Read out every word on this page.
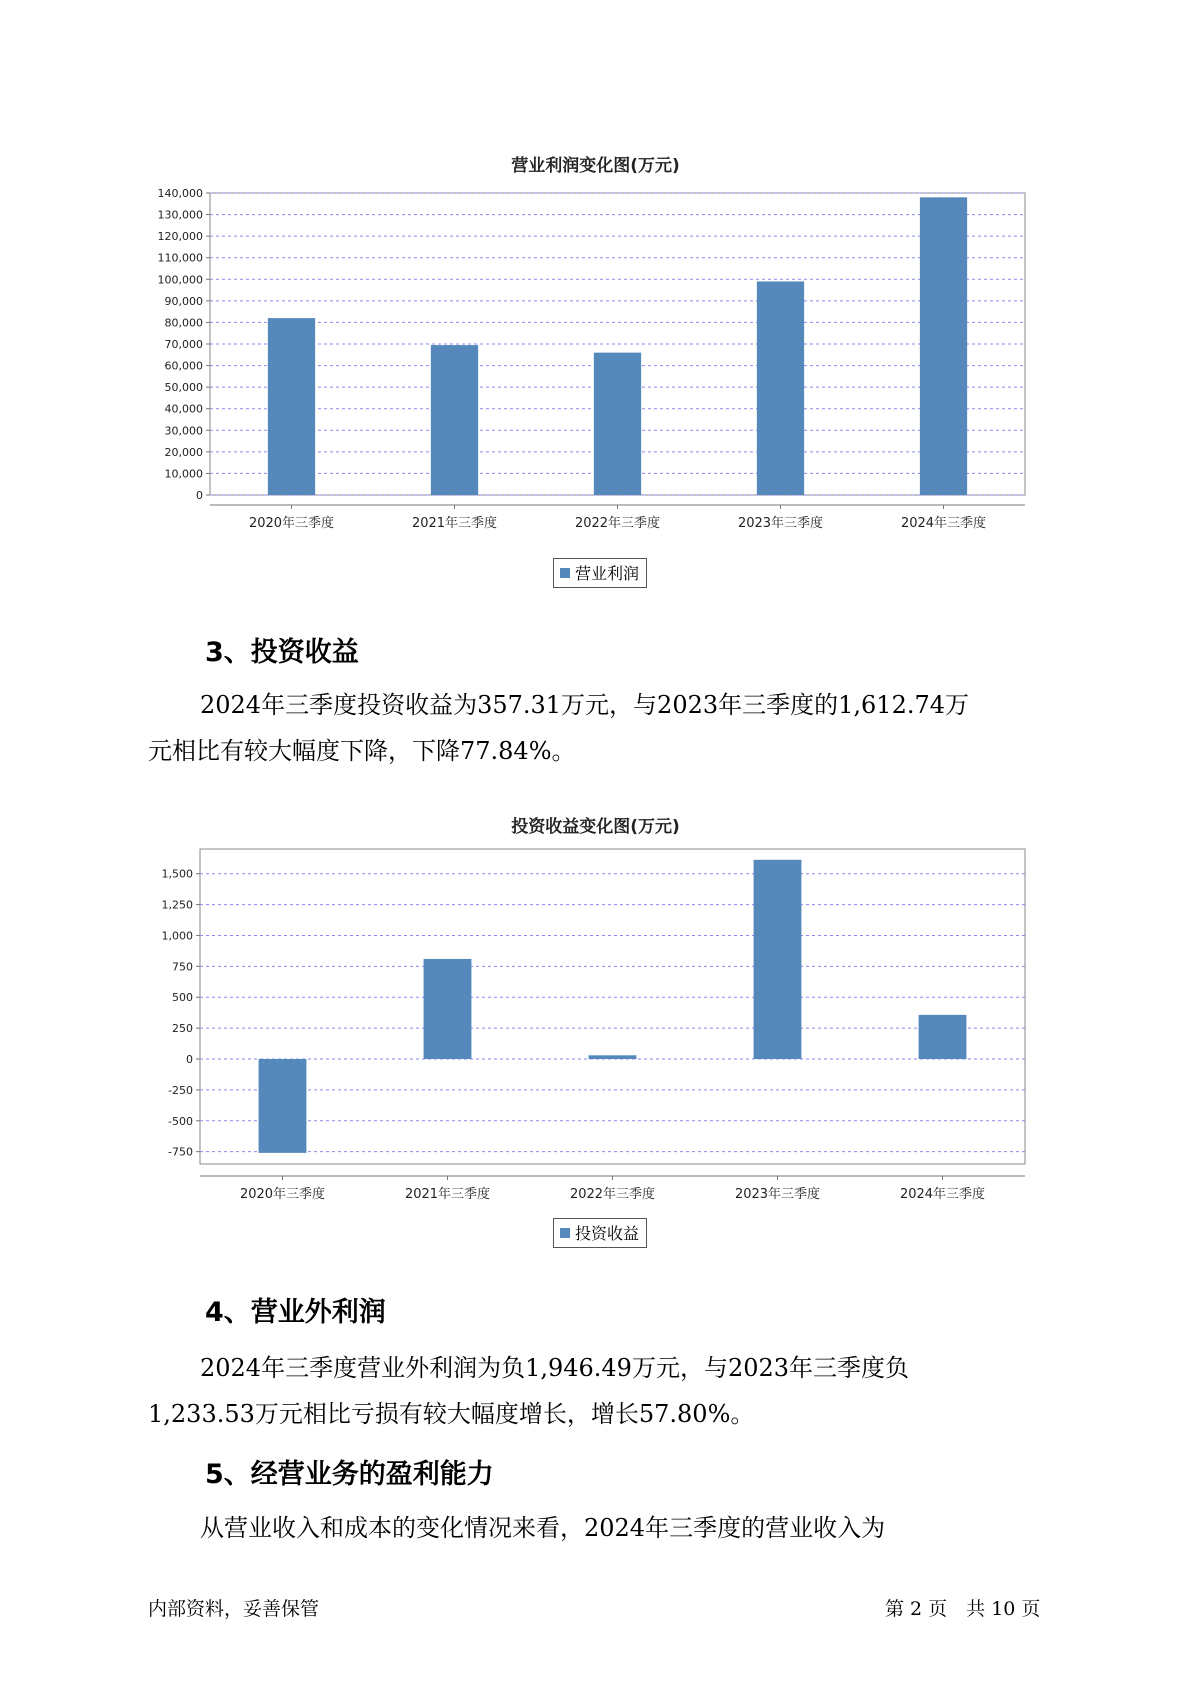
营业利润变化图(万元)
0
10,000
20,000
30,000
40,000
50,000
60,000
70,000
80,000
90,000
100,000
110,000
120,000
130,000
140,000
2020年三季度	2021年三季度	2022年三季度	2023年三季度	2024年三季度
营业利润
3、投资收益

2024年三季度投资收益为357.31万元，与2023年三季度的1,612.74万
元相比有较大幅度下降，下降77.84%。

投资收益变化图(万元)
-750
-500
-250
0
250
500
750
1,000
1,250
1,500
2020年三季度	2021年三季度	2022年三季度	2023年三季度	2024年三季度
投资收益
4、营业外利润

2024年三季度营业外利润为负1,946.49万元，与2023年三季度负
1,233.53万元相比亏损有较大幅度增长，增长57.80%。

5、经营业务的盈利能力

从营业收入和成本的变化情况来看，2024年三季度的营业收入为

内部资料，妥善保管	第 2 页　共 10 页
